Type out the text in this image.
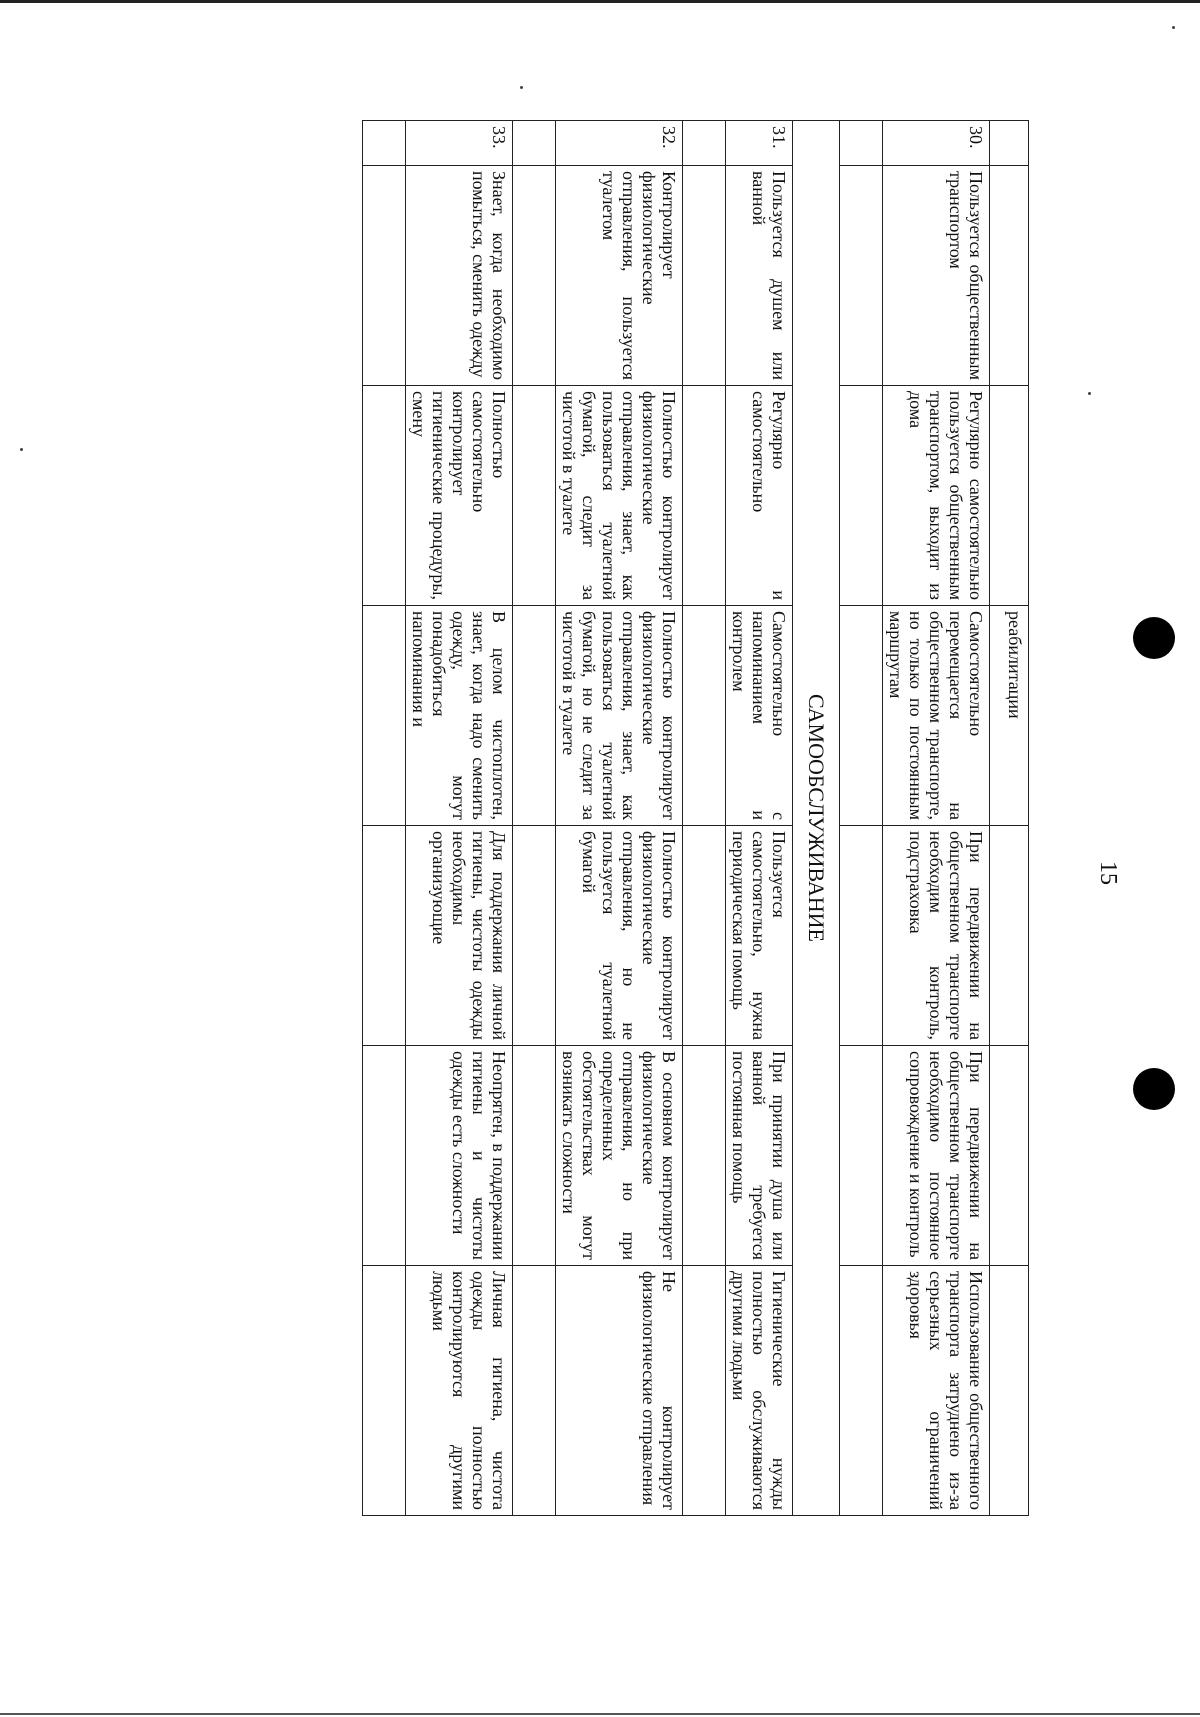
15
			реабилитации			
30.	Пользуется общественным транспортом	Регулярно самостоятельно пользуется общественным транспортом, выходит из дома	Самостоятельно перемещается на общественном транспорте, но только по постоянным маршрутам	При передвижении на общественном транспорте необходим контроль, подстраховка	При передвижении на общественном транспорте необходимо постоянное сопровождение и контроль	Использование общественного транспорта затруднено из-за серьезных ограничений здоровья

САМООБСЛУЖИВАНИЕ						
31.	Пользуется душем или ванной	Регулярно и самостоятельно	Самостоятельно с напоминанием и контролем	Пользуется самостоятельно, нужна периодическая помощь	При принятии душа или ванной требуется постоянная помощь	Гигиенические нужды полностью обслуживаются другими людьми

32.	Контролирует физиологические отправления, пользуется туалетом	Полностью контролирует физиологические отправления, знает, как пользоваться туалетной бумагой, следит за чистотой в туалете	Полностью контролирует физиологические отправления, знает, как пользоваться туалетной бумагой, но не следит за чистотой в туалете	Полностью контролирует физиологические отправления, но не пользуется туалетной бумагой	В основном контролирует физиологические отправления, но при определенных обстоятельствах могут возникать сложности	Не контролирует физиологические отправления

33.	Знает, когда необходимо помыться, сменить одежду	Полностью самостоятельно контролирует гигиенические процедуры, смену	В целом чистоплотен, знает, когда надо сменить одежду, могут понадобиться напоминания и	Для поддержания личной гигиены, чистоты одежды необходимы организующие	Неопрятен, в поддержании гигиены и чистоты одежды есть сложности	Личная гигиена, чистота одежды полностью контролируются другими людьми
